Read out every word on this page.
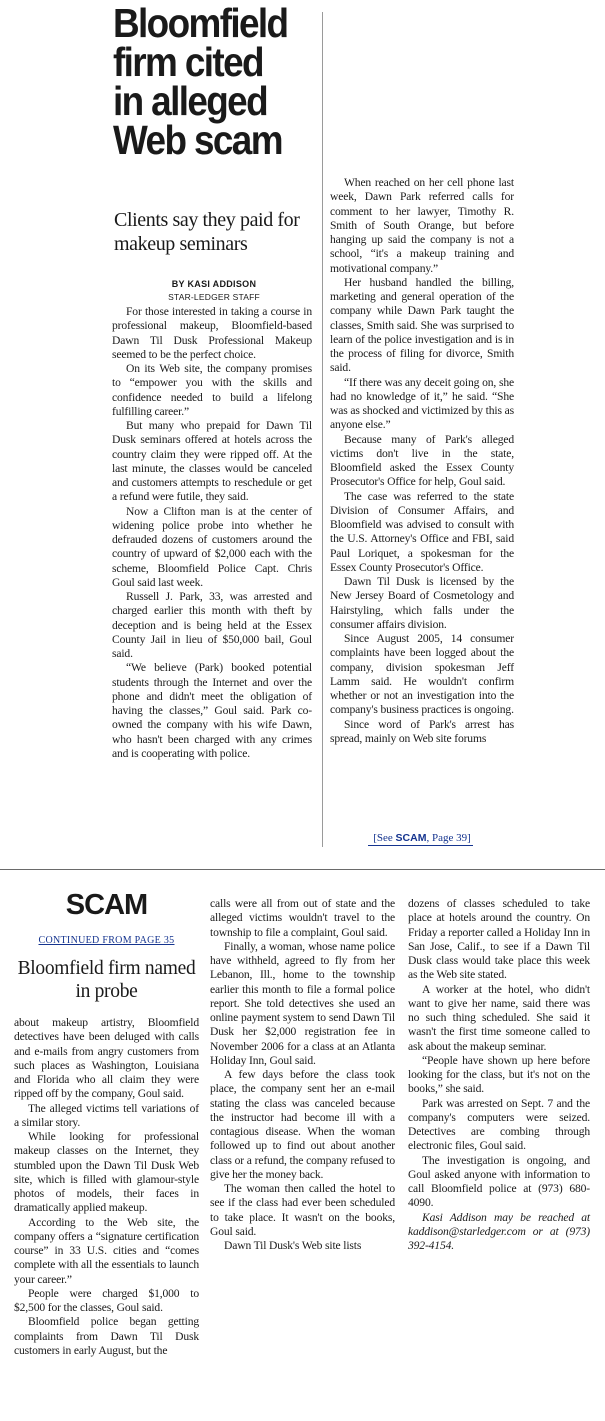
Bloomfield firm cited in alleged Web scam
Clients say they paid for makeup seminars
BY KASI ADDISON
STAR-LEDGER STAFF

For those interested in taking a course in professional makeup, Bloomfield-based Dawn Til Dusk Professional Makeup seemed to be the perfect choice.

On its Web site, the company promises to “empower you with the skills and confidence needed to build a lifelong fulfilling career.”

But many who prepaid for Dawn Til Dusk seminars offered at hotels across the country claim they were ripped off. At the last minute, the classes would be canceled and customers attempts to reschedule or get a refund were futile, they said.

Now a Clifton man is at the center of widening police probe into whether he defrauded dozens of customers around the country of upward of $2,000 each with the scheme, Bloomfield Police Capt. Chris Goul said last week.

Russell J. Park, 33, was arrested and charged earlier this month with theft by deception and is being held at the Essex County Jail in lieu of $50,000 bail, Goul said.

“We believe (Park) booked potential students through the Internet and over the phone and didn't meet the obligation of having the classes,” Goul said. Park co-owned the company with his wife Dawn, who hasn't been charged with any crimes and is cooperating with police.

When reached on her cell phone last week, Dawn Park referred calls for comment to her lawyer, Timothy R. Smith of South Orange, but before hanging up said the company is not a school, “it's a makeup training and motivational company.”

Her husband handled the billing, marketing and general operation of the company while Dawn Park taught the classes, Smith said. She was surprised to learn of the police investigation and is in the process of filing for divorce, Smith said.

“If there was any deceit going on, she had no knowledge of it,” he said. “She was as shocked and victimized by this as anyone else.”

Because many of Park's alleged victims don't live in the state, Bloomfield asked the Essex County Prosecutor's Office for help, Goul said.

The case was referred to the state Division of Consumer Affairs, and Bloomfield was advised to consult with the U.S. Attorney's Office and FBI, said Paul Loriquet, a spokesman for the Essex County Prosecutor's Office.

Dawn Til Dusk is licensed by the New Jersey Board of Cosmetology and Hairstyling, which falls under the consumer affairs division.

Since August 2005, 14 consumer complaints have been logged about the company, division spokesman Jeff Lamm said. He wouldn't confirm whether or not an investigation into the company's business practices is ongoing.

Since word of Park's arrest has spread, mainly on Web site forums

[See SCAM, Page 39]
SCAM
CONTINUED FROM PAGE 35
Bloomfield firm named in probe

about makeup artistry, Bloomfield detectives have been deluged with calls and e-mails from angry customers from such places as Washington, Louisiana and Florida who all claim they were ripped off by the company, Goul said.

The alleged victims tell variations of a similar story.

While looking for professional makeup classes on the Internet, they stumbled upon the Dawn Til Dusk Web site, which is filled with glamour-style photos of models, their faces in dramatically applied makeup.

According to the Web site, the company offers a “signature certification course” in 33 U.S. cities and “comes complete with all the essentials to launch your career.”

People were charged $1,000 to $2,500 for the classes, Goul said.

Bloomfield police began getting complaints from Dawn Til Dusk customers in early August, but the

calls were all from out of state and the alleged victims wouldn't travel to the township to file a complaint, Goul said.

Finally, a woman, whose name police have withheld, agreed to fly from her Lebanon, Ill., home to the township earlier this month to file a formal police report. She told detectives she used an online payment system to send Dawn Til Dusk her $2,000 registration fee in November 2006 for a class at an Atlanta Holiday Inn, Goul said.

A few days before the class took place, the company sent her an e-mail stating the class was canceled because the instructor had become ill with a contagious disease. When the woman followed up to find out about another class or a refund, the company refused to give her the money back.

The woman then called the hotel to see if the class had ever been scheduled to take place. It wasn't on the books, Goul said.

Dawn Til Dusk's Web site lists

dozens of classes scheduled to take place at hotels around the country. On Friday a reporter called a Holiday Inn in San Jose, Calif., to see if a Dawn Til Dusk class would take place this week as the Web site stated.

A worker at the hotel, who didn't want to give her name, said there was no such thing scheduled. She said it wasn't the first time someone called to ask about the makeup seminar.

“People have shown up here before looking for the class, but it's not on the books,” she said.

Park was arrested on Sept. 7 and the company's computers were seized. Detectives are combing through electronic files, Goul said.

The investigation is ongoing, and Goul asked anyone with information to call Bloomfield police at (973) 680-4090.

Kasi Addison may be reached at kaddison@starledger.com or at (973) 392-4154.
